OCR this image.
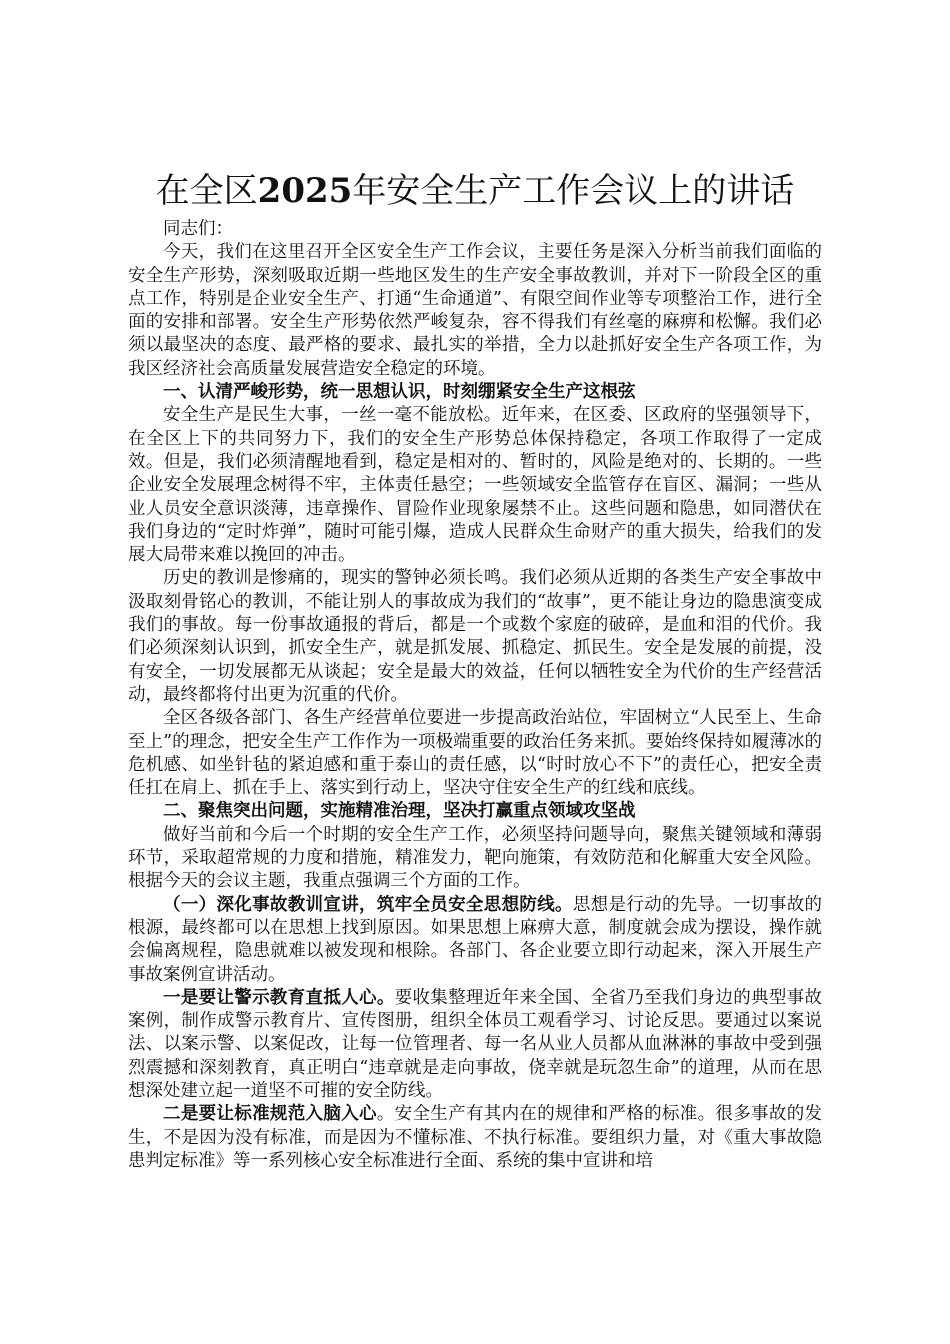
在全区2025年安全生产工作会议上的讲话

同志们：

今天，我们在这里召开全区安全生产工作会议，主要任务是深入分析当前我们面临的安全生产形势，深刻吸取近期一些地区发生的生产安全事故教训，并对下一阶段全区的重点工作，特别是企业安全生产、打通“生命通道”、有限空间作业等专项整治工作，进行全面的安排和部署。安全生产形势依然严峻复杂，容不得我们有丝毫的麻痹和松懈。我们必须以最坚决的态度、最严格的要求、最扎实的举措，全力以赴抓好安全生产各项工作，为我区经济社会高质量发展营造安全稳定的环境。

一、认清严峻形势，统一思想认识，时刻绷紧安全生产这根弦

安全生产是民生大事，一丝一毫不能放松。近年来，在区委、区政府的坚强领导下，在全区上下的共同努力下，我们的安全生产形势总体保持稳定，各项工作取得了一定成效。但是，我们必须清醒地看到，稳定是相对的、暂时的，风险是绝对的、长期的。一些企业安全发展理念树得不牢，主体责任悬空；一些领域安全监管存在盲区、漏洞；一些从业人员安全意识淡薄，违章操作、冒险作业现象屡禁不止。这些问题和隐患，如同潜伏在我们身边的“定时炸弹”，随时可能引爆，造成人民群众生命财产的重大损失，给我们的发展大局带来难以挽回的冲击。

历史的教训是惨痛的，现实的警钟必须长鸣。我们必须从近期的各类生产安全事故中汲取刻骨铭心的教训，不能让别人的事故成为我们的“故事”，更不能让身边的隐患演变成我们的事故。每一份事故通报的背后，都是一个或数个家庭的破碎，是血和泪的代价。我们必须深刻认识到，抓安全生产，就是抓发展、抓稳定、抓民生。安全是发展的前提，没有安全，一切发展都无从谈起；安全是最大的效益，任何以牺牲安全为代价的生产经营活动，最终都将付出更为沉重的代价。

全区各级各部门、各生产经营单位要进一步提高政治站位，牢固树立“人民至上、生命至上”的理念，把安全生产工作作为一项极端重要的政治任务来抓。要始终保持如履薄冰的危机感、如坐针毡的紧迫感和重于泰山的责任感，以“时时放心不下”的责任心，把安全责任扛在肩上、抓在手上、落实到行动上，坚决守住安全生产的红线和底线。

二、聚焦突出问题，实施精准治理，坚决打赢重点领域攻坚战

做好当前和今后一个时期的安全生产工作，必须坚持问题导向，聚焦关键领域和薄弱环节，采取超常规的力度和措施，精准发力，靶向施策，有效防范和化解重大安全风险。根据今天的会议主题，我重点强调三个方面的工作。

（一）深化事故教训宣讲，筑牢全员安全思想防线。思想是行动的先导。一切事故的根源，最终都可以在思想上找到原因。如果思想上麻痹大意，制度就会成为摆设，操作就会偏离规程，隐患就难以被发现和根除。各部门、各企业要立即行动起来，深入开展生产事故案例宣讲活动。

一是要让警示教育直抵人心。要收集整理近年来全国、全省乃至我们身边的典型事故案例，制作成警示教育片、宣传图册，组织全体员工观看学习、讨论反思。要通过以案说法、以案示警、以案促改，让每一位管理者、每一名从业人员都从血淋淋的事故中受到强烈震撼和深刻教育，真正明白“违章就是走向事故，侥幸就是玩忽生命”的道理，从而在思想深处建立起一道坚不可摧的安全防线。

二是要让标准规范入脑入心。安全生产有其内在的规律和严格的标准。很多事故的发生，不是因为没有标准，而是因为不懂标准、不执行标准。要组织力量，对《重大事故隐患判定标准》等一系列核心安全标准进行全面、系统的集中宣讲和培
